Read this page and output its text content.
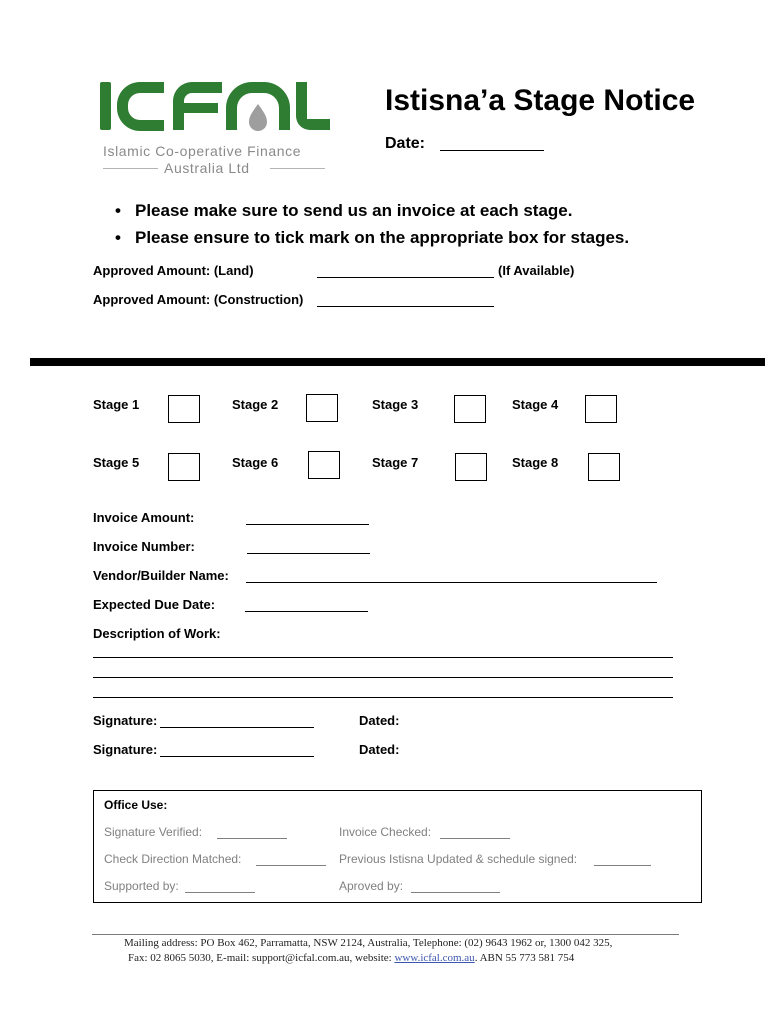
Islamic Co-operative Finance
Australia Ltd
Istisna’a Stage Notice
Date:
• Please make sure to send us an invoice at each stage.
• Please ensure to tick mark on the appropriate box for stages.
Approved Amount: (Land)	(If Available)
Approved Amount: (Construction)
Stage 1	Stage 2	Stage 3	Stage 4
Stage 5	Stage 6	Stage 7	Stage 8
Invoice Amount:
Invoice Number:
Vendor/Builder Name:
Expected Due Date:
Description of Work:
Signature:	Dated:
Signature:	Dated:
Office Use:
Signature Verified:	Invoice Checked:
Check Direction Matched:	Previous Istisna Updated & schedule signed:
Supported by:	Aproved by:
Mailing address: PO Box 462, Parramatta, NSW 2124, Australia, Telephone: (02) 9643 1962 or, 1300 042 325,
Fax: 02 8065 5030, E-mail: support@icfal.com.au, website: www.icfal.com.au. ABN 55 773 581 754
